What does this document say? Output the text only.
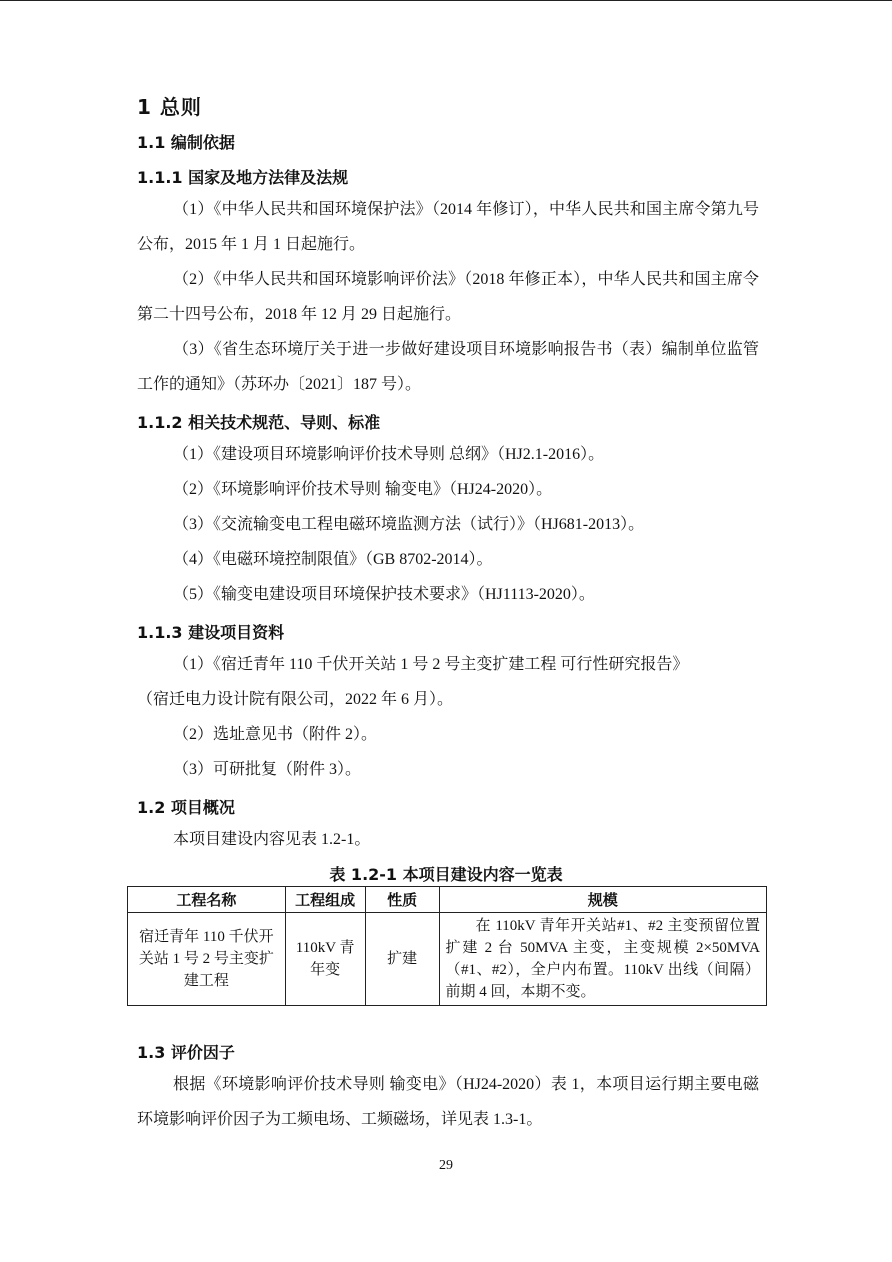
1 总则
1.1 编制依据
1.1.1 国家及地方法律及法规

（1）《中华人民共和国环境保护法》（2014 年修订），中华人民共和国主席令第九号公布，2015 年 1 月 1 日起施行。

（2）《中华人民共和国环境影响评价法》（2018 年修正本），中华人民共和国主席令第二十四号公布，2018 年 12 月 29 日起施行。

（3）《省生态环境厅关于进一步做好建设项目环境影响报告书（表）编制单位监管工作的通知》（苏环办〔2021〕187 号）。

1.1.2 相关技术规范、导则、标准

（1）《建设项目环境影响评价技术导则 总纲》（HJ2.1-2016）。

（2）《环境影响评价技术导则 输变电》（HJ24-2020）。

（3）《交流输变电工程电磁环境监测方法（试行）》（HJ681-2013）。

（4）《电磁环境控制限值》（GB 8702-2014）。

（5）《输变电建设项目环境保护技术要求》（HJ1113-2020）。

1.1.3 建设项目资料

（1）《宿迁青年 110 千伏开关站 1 号 2 号主变扩建工程 可行性研究报告》

（宿迁电力设计院有限公司，2022 年 6 月）。

（2）选址意见书（附件 2）。

（3）可研批复（附件 3）。

1.2 项目概况

本项目建设内容见表 1.2-1。

表 1.2-1 本项目建设内容一览表
工程名称	工程组成	性质	规模
宿迁青年 110 千伏开关站 1 号 2 号主变扩建工程	110kV 青年变	扩建	在 110kV 青年开关站#1、#2 主变预留位置扩建 2 台 50MVA 主变，主变规模 2×50MVA（#1、#2），全户内布置。110kV 出线（间隔）前期 4 回，本期不变。
1.3 评价因子

根据《环境影响评价技术导则 输变电》（HJ24-2020）表 1，本项目运行期主要电磁环境影响评价因子为工频电场、工频磁场，详见表 1.3-1。

29
